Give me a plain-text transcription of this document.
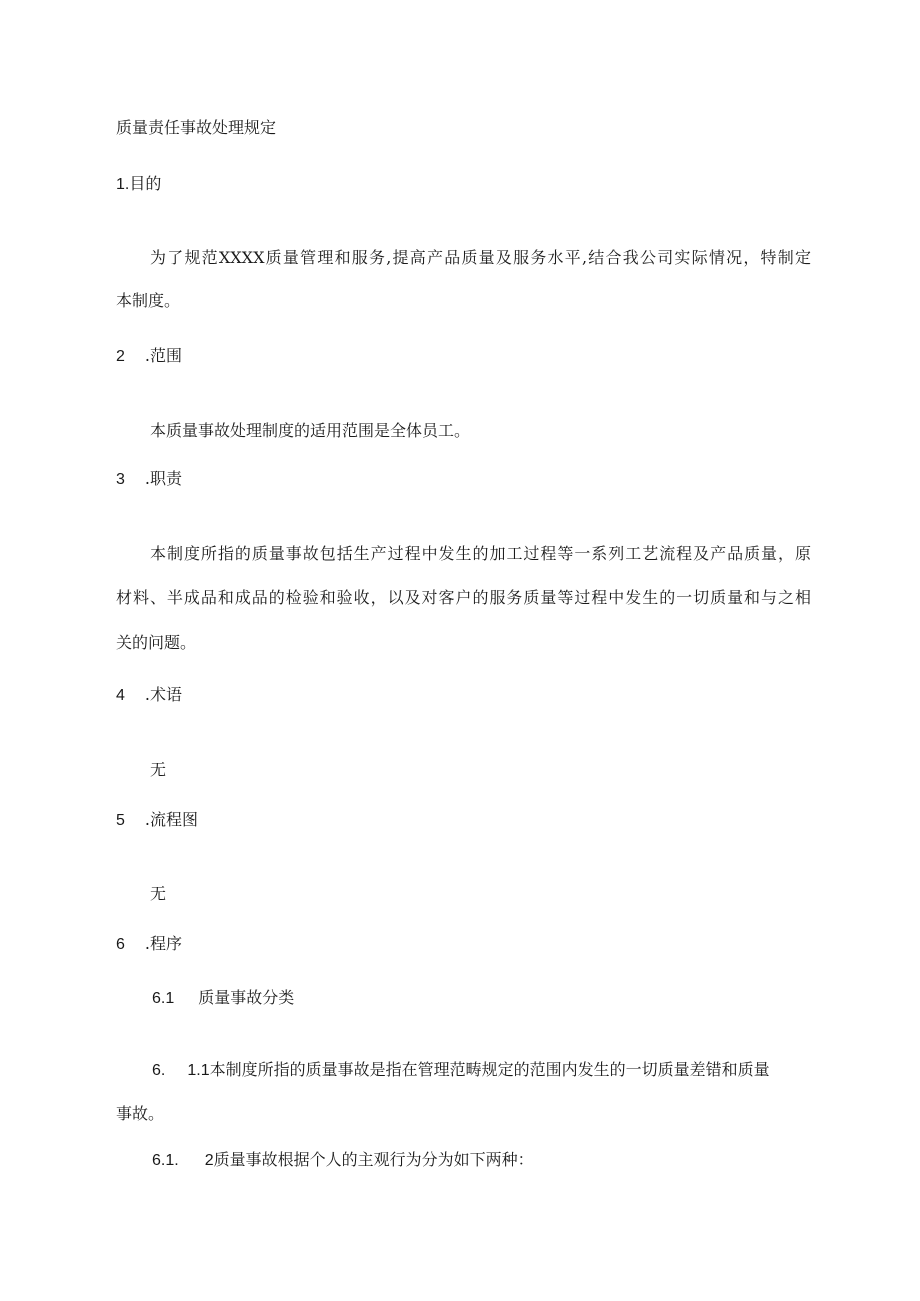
质量责任事故处理规定
1.目的
为了规范XXXX质量管理和服务,提高产品质量及服务水平,结合我公司实际情况，特制定
本制度。
2 .范围
本质量事故处理制度的适用范围是全体员工。
3 .职责
本制度所指的质量事故包括生产过程中发生的加工过程等一系列工艺流程及产品质量，原
材料、半成品和成品的检验和验收，以及对客户的服务质量等过程中发生的一切质量和与之相
关的问题。
4 .术语
无
5 .流程图
无
6 .程序
6.1 质量事故分类
6. 1.1本制度所指的质量事故是指在管理范畴规定的范围内发生的一切质量差错和质量
事故。
6.1. 2质量事故根据个人的主观行为分为如下两种：
